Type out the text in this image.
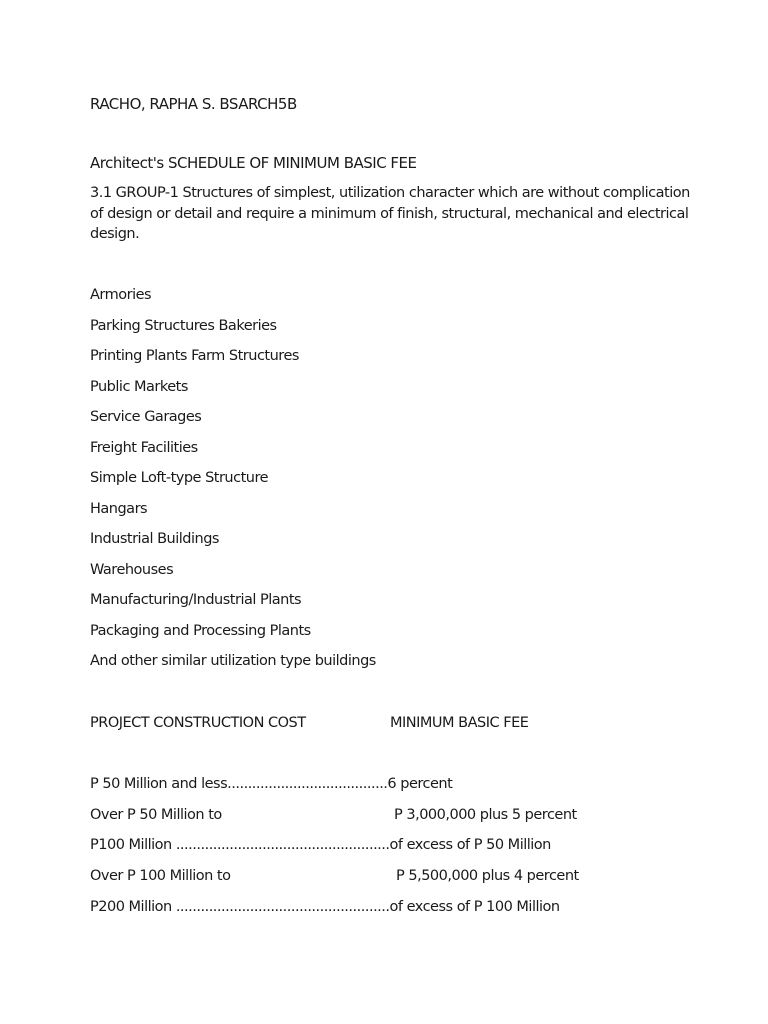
RACHO, RAPHA S. BSARCH5B

Architect's SCHEDULE OF MINIMUM BASIC FEE

3.1 GROUP-1 Structures of simplest, utilization character which are without complication of design or detail and require a minimum of finish, structural, mechanical and electrical design.

Armories
Parking Structures Bakeries
Printing Plants Farm Structures
Public Markets
Service Garages
Freight Facilities
Simple Loft-type Structure
Hangars
Industrial Buildings
Warehouses
Manufacturing/Industrial Plants
Packaging and Processing Plants
And other similar utilization type buildings

PROJECT CONSTRUCTION COST	MINIMUM BASIC FEE

P 50 Million and less.......................................6 percent

Over P 50 Million to	P 3,000,000 plus 5 percent

P100 Million ....................................................of excess of P 50 Million

Over P 100 Million to	P 5,500,000 plus 4 percent

P200 Million ....................................................of excess of P 100 Million
